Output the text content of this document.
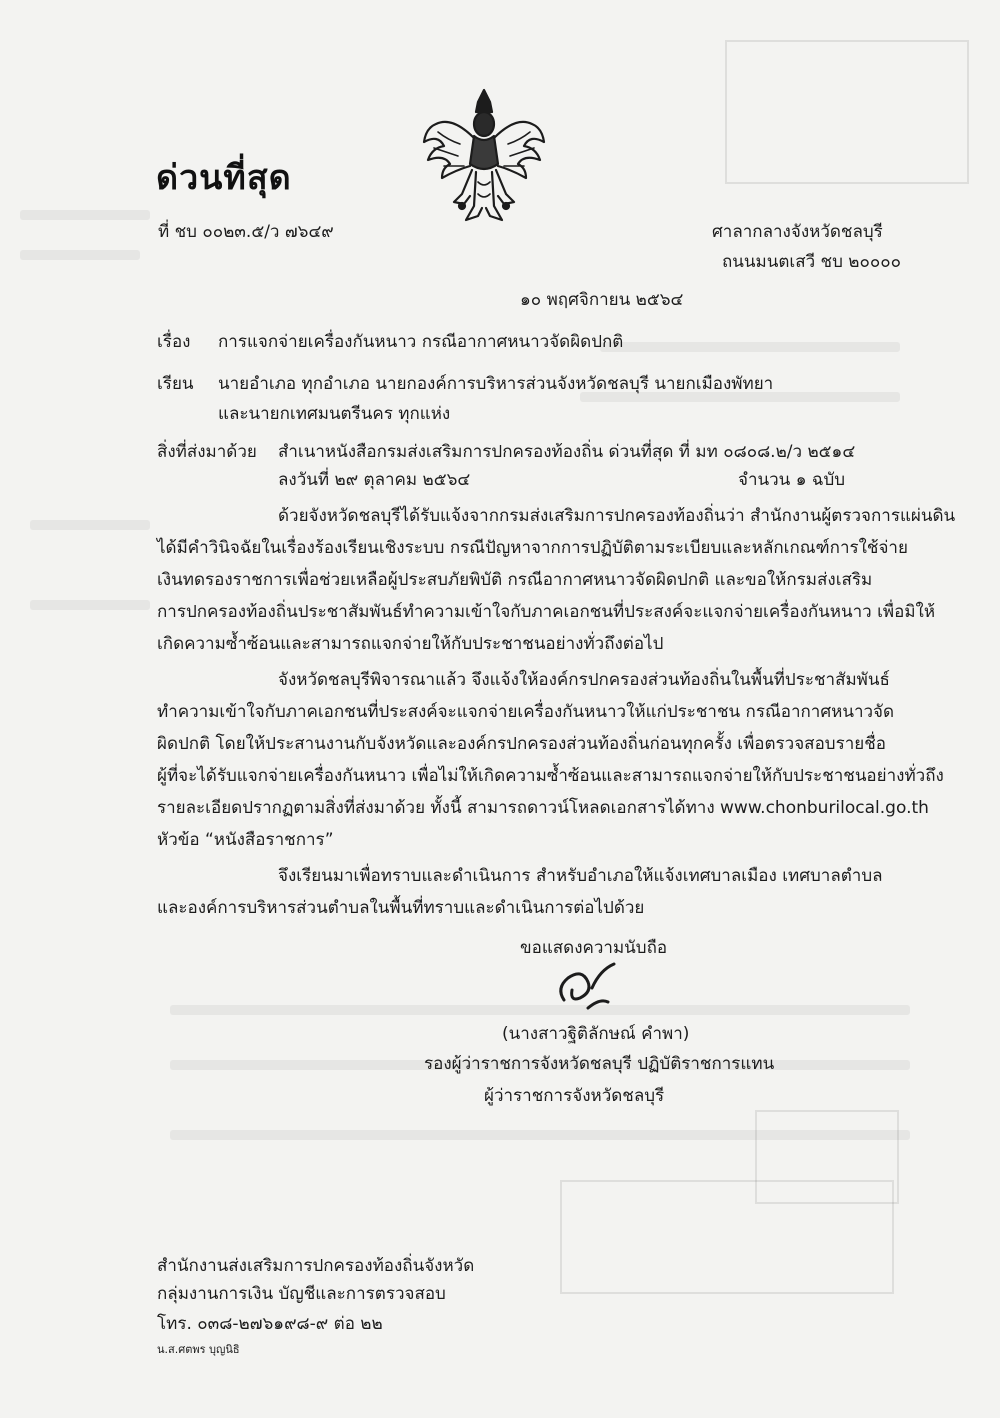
ด่วนที่สุด
ที่ ชบ ๐๐๒๓.๕/ว ๗๖๔๙	ศาลากลางจังหวัดชลบุรี
ถนนมนตเสวี ชบ ๒๐๐๐๐
๑๐ พฤศจิกายน ๒๕๖๔
เรื่อง การแจกจ่ายเครื่องกันหนาว กรณีอากาศหนาวจัดผิดปกติ
เรียน นายอำเภอ ทุกอำเภอ นายกองค์การบริหารส่วนจังหวัดชลบุรี นายกเมืองพัทยา
และนายกเทศมนตรีนคร ทุกแห่ง
สิ่งที่ส่งมาด้วย สำเนาหนังสือกรมส่งเสริมการปกครองท้องถิ่น ด่วนที่สุด ที่ มท ๐๘๐๘.๒/ว ๒๕๑๔
ลงวันที่ ๒๙ ตุลาคม ๒๕๖๔	จำนวน ๑ ฉบับ
ด้วยจังหวัดชลบุรีได้รับแจ้งจากกรมส่งเสริมการปกครองท้องถิ่นว่า สำนักงานผู้ตรวจการแผ่นดิน
ได้มีคำวินิจฉัยในเรื่องร้องเรียนเชิงระบบ กรณีปัญหาจากการปฏิบัติตามระเบียบและหลักเกณฑ์การใช้จ่าย
เงินทดรองราชการเพื่อช่วยเหลือผู้ประสบภัยพิบัติ กรณีอากาศหนาวจัดผิดปกติ และขอให้กรมส่งเสริม
การปกครองท้องถิ่นประชาสัมพันธ์ทำความเข้าใจกับภาคเอกชนที่ประสงค์จะแจกจ่ายเครื่องกันหนาว เพื่อมิให้
เกิดความซ้ำซ้อนและสามารถแจกจ่ายให้กับประชาชนอย่างทั่วถึงต่อไป
จังหวัดชลบุรีพิจารณาแล้ว จึงแจ้งให้องค์กรปกครองส่วนท้องถิ่นในพื้นที่ประชาสัมพันธ์
ทำความเข้าใจกับภาคเอกชนที่ประสงค์จะแจกจ่ายเครื่องกันหนาวให้แก่ประชาชน กรณีอากาศหนาวจัด
ผิดปกติ โดยให้ประสานงานกับจังหวัดและองค์กรปกครองส่วนท้องถิ่นก่อนทุกครั้ง เพื่อตรวจสอบรายชื่อ
ผู้ที่จะได้รับแจกจ่ายเครื่องกันหนาว เพื่อไม่ให้เกิดความซ้ำซ้อนและสามารถแจกจ่ายให้กับประชาชนอย่างทั่วถึง
รายละเอียดปรากฏตามสิ่งที่ส่งมาด้วย ทั้งนี้ สามารถดาวน์โหลดเอกสารได้ทาง www.chonburilocal.go.th
หัวข้อ “หนังสือราชการ”
จึงเรียนมาเพื่อทราบและดำเนินการ สำหรับอำเภอให้แจ้งเทศบาลเมือง เทศบาลตำบล
และองค์การบริหารส่วนตำบลในพื้นที่ทราบและดำเนินการต่อไปด้วย
ขอแสดงความนับถือ
(นางสาวฐิติลักษณ์ คำพา)
รองผู้ว่าราชการจังหวัดชลบุรี ปฏิบัติราชการแทน
ผู้ว่าราชการจังหวัดชลบุรี
สำนักงานส่งเสริมการปกครองท้องถิ่นจังหวัด
กลุ่มงานการเงิน บัญชีและการตรวจสอบ
โทร. ๐๓๘-๒๗๖๑๙๘-๙ ต่อ ๒๒
น.ส.ศตพร บุญนิธิ
